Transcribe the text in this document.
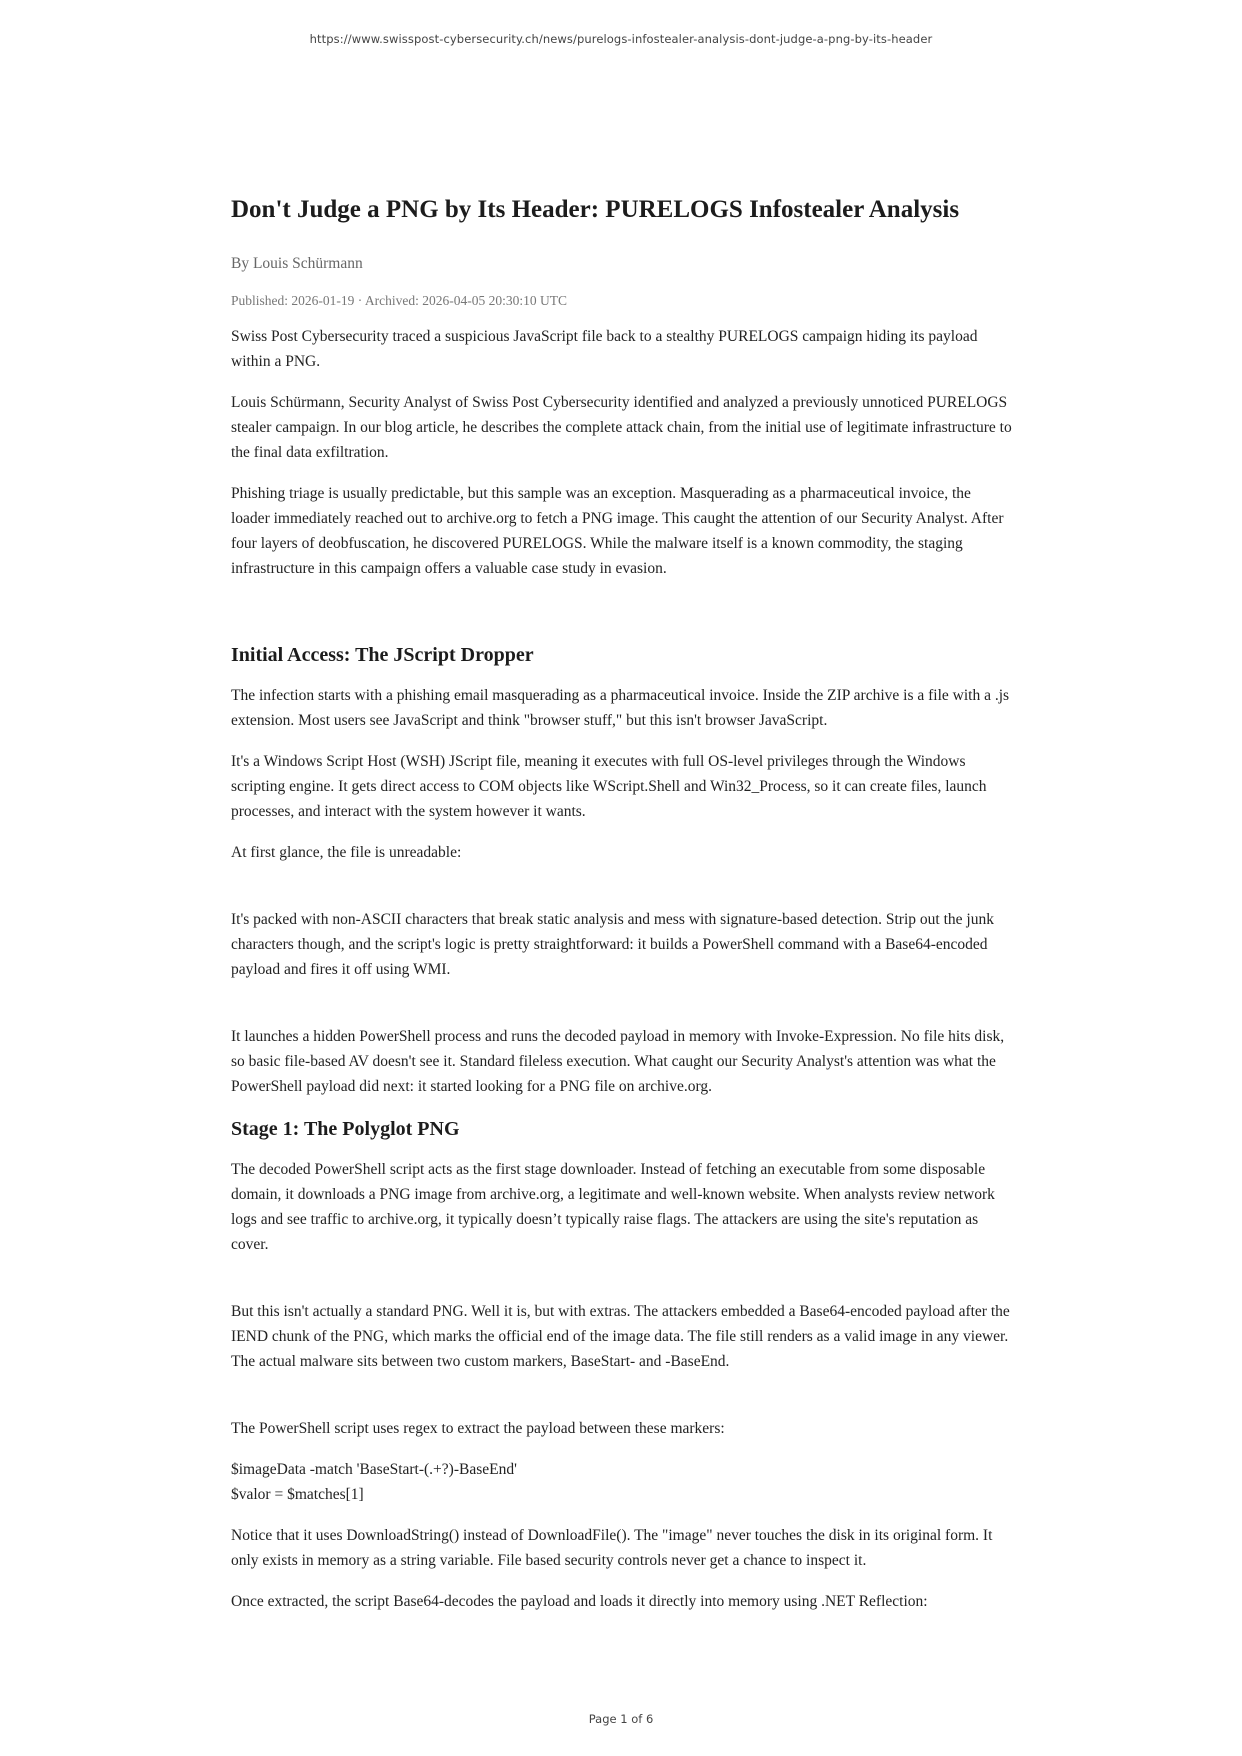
https://www.swisspost-cybersecurity.ch/news/purelogs-infostealer-analysis-dont-judge-a-png-by-its-header
Don't Judge a PNG by Its Header: PURELOGS Infostealer Analysis

By Louis Schürmann

Published: 2026-01-19 · Archived: 2026-04-05 20:30:10 UTC

Swiss Post Cybersecurity traced a suspicious JavaScript file back to a stealthy PURELOGS campaign hiding its payload within a PNG.

Louis Schürmann, Security Analyst of Swiss Post Cybersecurity identified and analyzed a previously unnoticed PURELOGS stealer campaign. In our blog article, he describes the complete attack chain, from the initial use of legitimate infrastructure to the final data exfiltration.

Phishing triage is usually predictable, but this sample was an exception. Masquerading as a pharmaceutical invoice, the loader immediately reached out to archive.org to fetch a PNG image. This caught the attention of our Security Analyst. After four layers of deobfuscation, he discovered PURELOGS. While the malware itself is a known commodity, the staging infrastructure in this campaign offers a valuable case study in evasion.

Initial Access: The JScript Dropper

The infection starts with a phishing email masquerading as a pharmaceutical invoice. Inside the ZIP archive is a file with a .js extension. Most users see JavaScript and think "browser stuff," but this isn't browser JavaScript.

It's a Windows Script Host (WSH) JScript file, meaning it executes with full OS-level privileges through the Windows scripting engine. It gets direct access to COM objects like WScript.Shell and Win32_Process, so it can create files, launch processes, and interact with the system however it wants.

At first glance, the file is unreadable:

It's packed with non-ASCII characters that break static analysis and mess with signature-based detection. Strip out the junk characters though, and the script's logic is pretty straightforward: it builds a PowerShell command with a Base64-encoded payload and fires it off using WMI.

It launches a hidden PowerShell process and runs the decoded payload in memory with Invoke-Expression. No file hits disk, so basic file-based AV doesn't see it. Standard fileless execution. What caught our Security Analyst's attention was what the PowerShell payload did next: it started looking for a PNG file on archive.org.

Stage 1: The Polyglot PNG

The decoded PowerShell script acts as the first stage downloader. Instead of fetching an executable from some disposable domain, it downloads a PNG image from archive.org, a legitimate and well-known website. When analysts review network logs and see traffic to archive.org, it typically doesn’t typically raise flags. The attackers are using the site's reputation as cover.

But this isn't actually a standard PNG. Well it is, but with extras. The attackers embedded a Base64-encoded payload after the IEND chunk of the PNG, which marks the official end of the image data. The file still renders as a valid image in any viewer. The actual malware sits between two custom markers, BaseStart- and -BaseEnd.

The PowerShell script uses regex to extract the payload between these markers:

$imageData -match 'BaseStart-(.+?)-BaseEnd'

$valor = $matches[1]

Notice that it uses DownloadString() instead of DownloadFile(). The "image" never touches the disk in its original form. It only exists in memory as a string variable. File based security controls never get a chance to inspect it.

Once extracted, the script Base64-decodes the payload and loads it directly into memory using .NET Reflection:

Page 1 of 6
